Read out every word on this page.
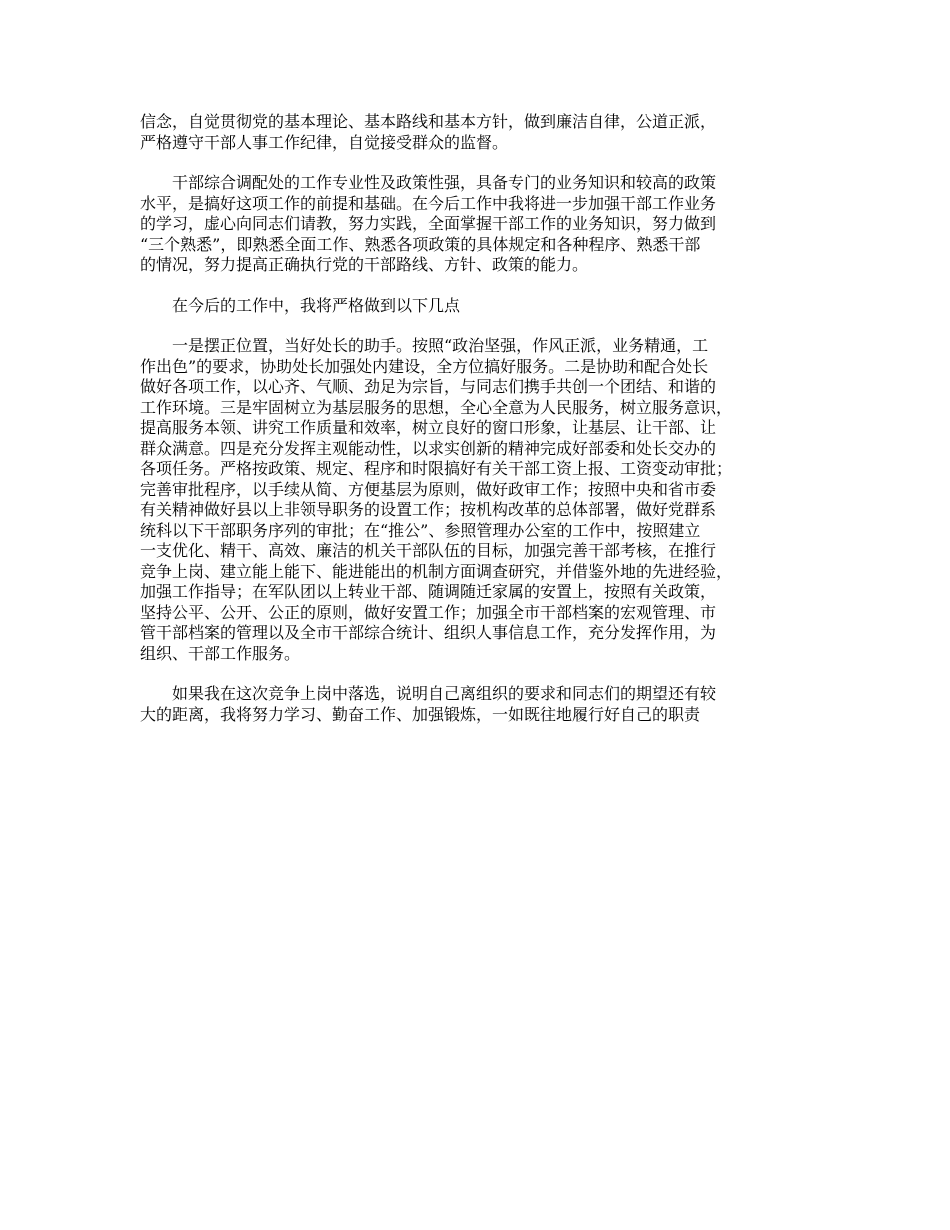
信念，自觉贯彻党的基本理论、基本路线和基本方针，做到廉洁自律，公道正派，
严格遵守干部人事工作纪律，自觉接受群众的监督。
干部综合调配处的工作专业性及政策性强，具备专门的业务知识和较高的政策
水平，是搞好这项工作的前提和基础。在今后工作中我将进一步加强干部工作业务
的学习，虚心向同志们请教，努力实践，全面掌握干部工作的业务知识，努力做到
“三个熟悉”，即熟悉全面工作、熟悉各项政策的具体规定和各种程序、熟悉干部
的情况，努力提高正确执行党的干部路线、方针、政策的能力。
在今后的工作中，我将严格做到以下几点
一是摆正位置，当好处长的助手。按照“政治坚强，作风正派，业务精通，工
作出色”的要求，协助处长加强处内建设，全方位搞好服务。二是协助和配合处长
做好各项工作，以心齐、气顺、劲足为宗旨，与同志们携手共创一个团结、和谐的
工作环境。三是牢固树立为基层服务的思想，全心全意为人民服务，树立服务意识，
提高服务本领、讲究工作质量和效率，树立良好的窗口形象，让基层、让干部、让
群众满意。四是充分发挥主观能动性，以求实创新的精神完成好部委和处长交办的
各项任务。严格按政策、规定、程序和时限搞好有关干部工资上报、工资变动审批；
完善审批程序，以手续从简、方便基层为原则，做好政审工作；按照中央和省市委
有关精神做好县以上非领导职务的设置工作；按机构改革的总体部署，做好党群系
统科以下干部职务序列的审批；在“推公”、参照管理办公室的工作中，按照建立
一支优化、精干、高效、廉洁的机关干部队伍的目标，加强完善干部考核，在推行
竞争上岗、建立能上能下、能进能出的机制方面调查研究，并借鉴外地的先进经验，
加强工作指导；在军队团以上转业干部、随调随迁家属的安置上，按照有关政策，
坚持公平、公开、公正的原则，做好安置工作；加强全市干部档案的宏观管理、市
管干部档案的管理以及全市干部综合统计、组织人事信息工作，充分发挥作用，为
组织、干部工作服务。
如果我在这次竞争上岗中落选，说明自己离组织的要求和同志们的期望还有较
大的距离，我将努力学习、勤奋工作、加强锻炼，一如既往地履行好自己的职责
